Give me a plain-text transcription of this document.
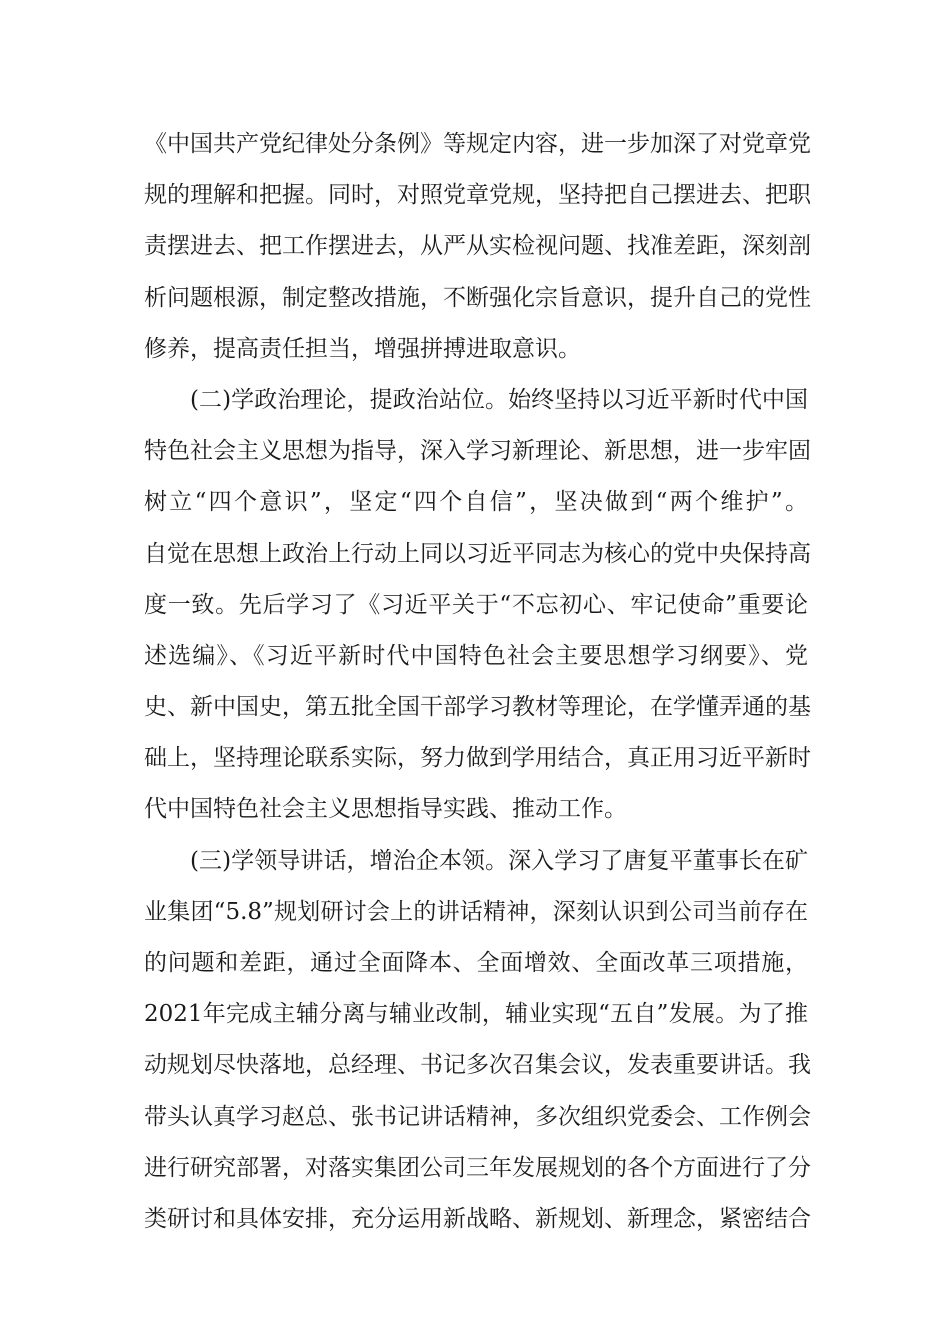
《中国共产党纪律处分条例》等规定内容，进一步加深了对党章党
规的理解和把握。同时，对照党章党规，坚持把自己摆进去、把职
责摆进去、把工作摆进去，从严从实检视问题、找准差距，深刻剖
析问题根源，制定整改措施，不断强化宗旨意识，提升自己的党性
修养，提高责任担当，增强拼搏进取意识。
(二)学政治理论，提政治站位。始终坚持以习近平新时代中国
特色社会主义思想为指导，深入学习新理论、新思想，进一步牢固
树立“四个意识”，坚定“四个自信”，坚决做到“两个维护”。
自觉在思想上政治上行动上同以习近平同志为核心的党中央保持高
度一致。先后学习了《习近平关于“不忘初心、牢记使命”重要论
述选编》、《习近平新时代中国特色社会主要思想学习纲要》、党
史、新中国史，第五批全国干部学习教材等理论，在学懂弄通的基
础上，坚持理论联系实际，努力做到学用结合，真正用习近平新时
代中国特色社会主义思想指导实践、推动工作。
(三)学领导讲话，增治企本领。深入学习了唐复平董事长在矿
业集团“5.8”规划研讨会上的讲话精神，深刻认识到公司当前存在
的问题和差距，通过全面降本、全面增效、全面改革三项措施，
2021年完成主辅分离与辅业改制，辅业实现“五自”发展。为了推
动规划尽快落地，总经理、书记多次召集会议，发表重要讲话。我
带头认真学习赵总、张书记讲话精神，多次组织党委会、工作例会
进行研究部署，对落实集团公司三年发展规划的各个方面进行了分
类研讨和具体安排，充分运用新战略、新规划、新理念，紧密结合
